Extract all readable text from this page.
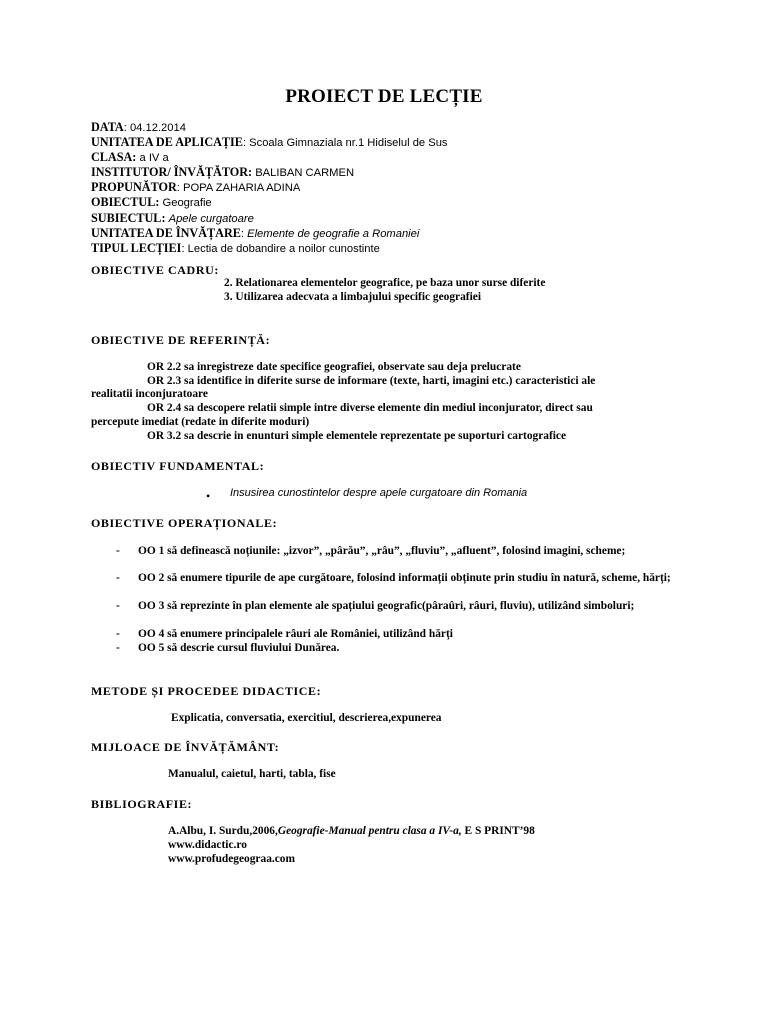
PROIECT DE LECȚIE
DATA: 04.12.2014
UNITATEA DE APLICAȚIE: Scoala Gimnaziala nr.1 Hidiselul de Sus
CLASA: a IV a
INSTITUTOR/ ÎNVĂȚĂTOR: BALIBAN CARMEN
PROPUNĂTOR: POPA ZAHARIA ADINA
OBIECTUL: Geografie
SUBIECTUL: Apele curgatoare
UNITATEA DE ÎNVĂȚARE: Elemente de geografie a Romaniei
TIPUL LECȚIEI: Lectia de dobandire a noilor cunostinte
OBIECTIVE CADRU:
2. Relationarea elementelor geografice, pe baza unor surse diferite
3. Utilizarea adecvata a limbajului specific geografiei
OBIECTIVE DE REFERINȚĂ:
OR 2.2 sa inregistreze date specifice geografiei, observate sau deja prelucrate
OR 2.3 sa identifice in diferite surse de informare (texte, harti, imagini etc.) caracteristici ale
realitatii inconjuratoare
OR 2.4 sa descopere relatii simple intre diverse elemente din mediul inconjurator, direct sau
percepute imediat (redate in diferite moduri)
OR 3.2 sa descrie in enunturi simple elementele reprezentate pe suporturi cartografice
OBIECTIV FUNDAMENTAL:
• Insusirea cunostintelor despre apele curgatoare din Romania
OBIECTIVE OPERAȚIONALE:
- OO 1 să definească noțiunile: „izvor”, „pârău”, „râu”, „fluviu”, „afluent”, folosind imagini, scheme;
- OO 2 să enumere tipurile de ape curgătoare, folosind informații obținute prin studiu în natură, scheme, hărți;
- OO 3 să reprezinte în plan elemente ale spațiului geografic(pâraûri, râuri, fluviu), utilizând simboluri;
- OO 4 să enumere principalele râuri ale României, utilizând hărți
- OO 5 să descrie cursul fluviului Dunărea.
METODE ȘI PROCEDEE DIDACTICE:
Explicatia, conversatia, exercitiul, descrierea,expunerea
MIJLOACE DE ÎNVĂȚĂMÂNT:
Manualul, caietul, harti, tabla, fise
BIBLIOGRAFIE:
A.Albu, I. Surdu,2006,Geografie-Manual pentru clasa a IV-a, E S PRINT’98
www.didactic.ro
www.profudegeograa.com
